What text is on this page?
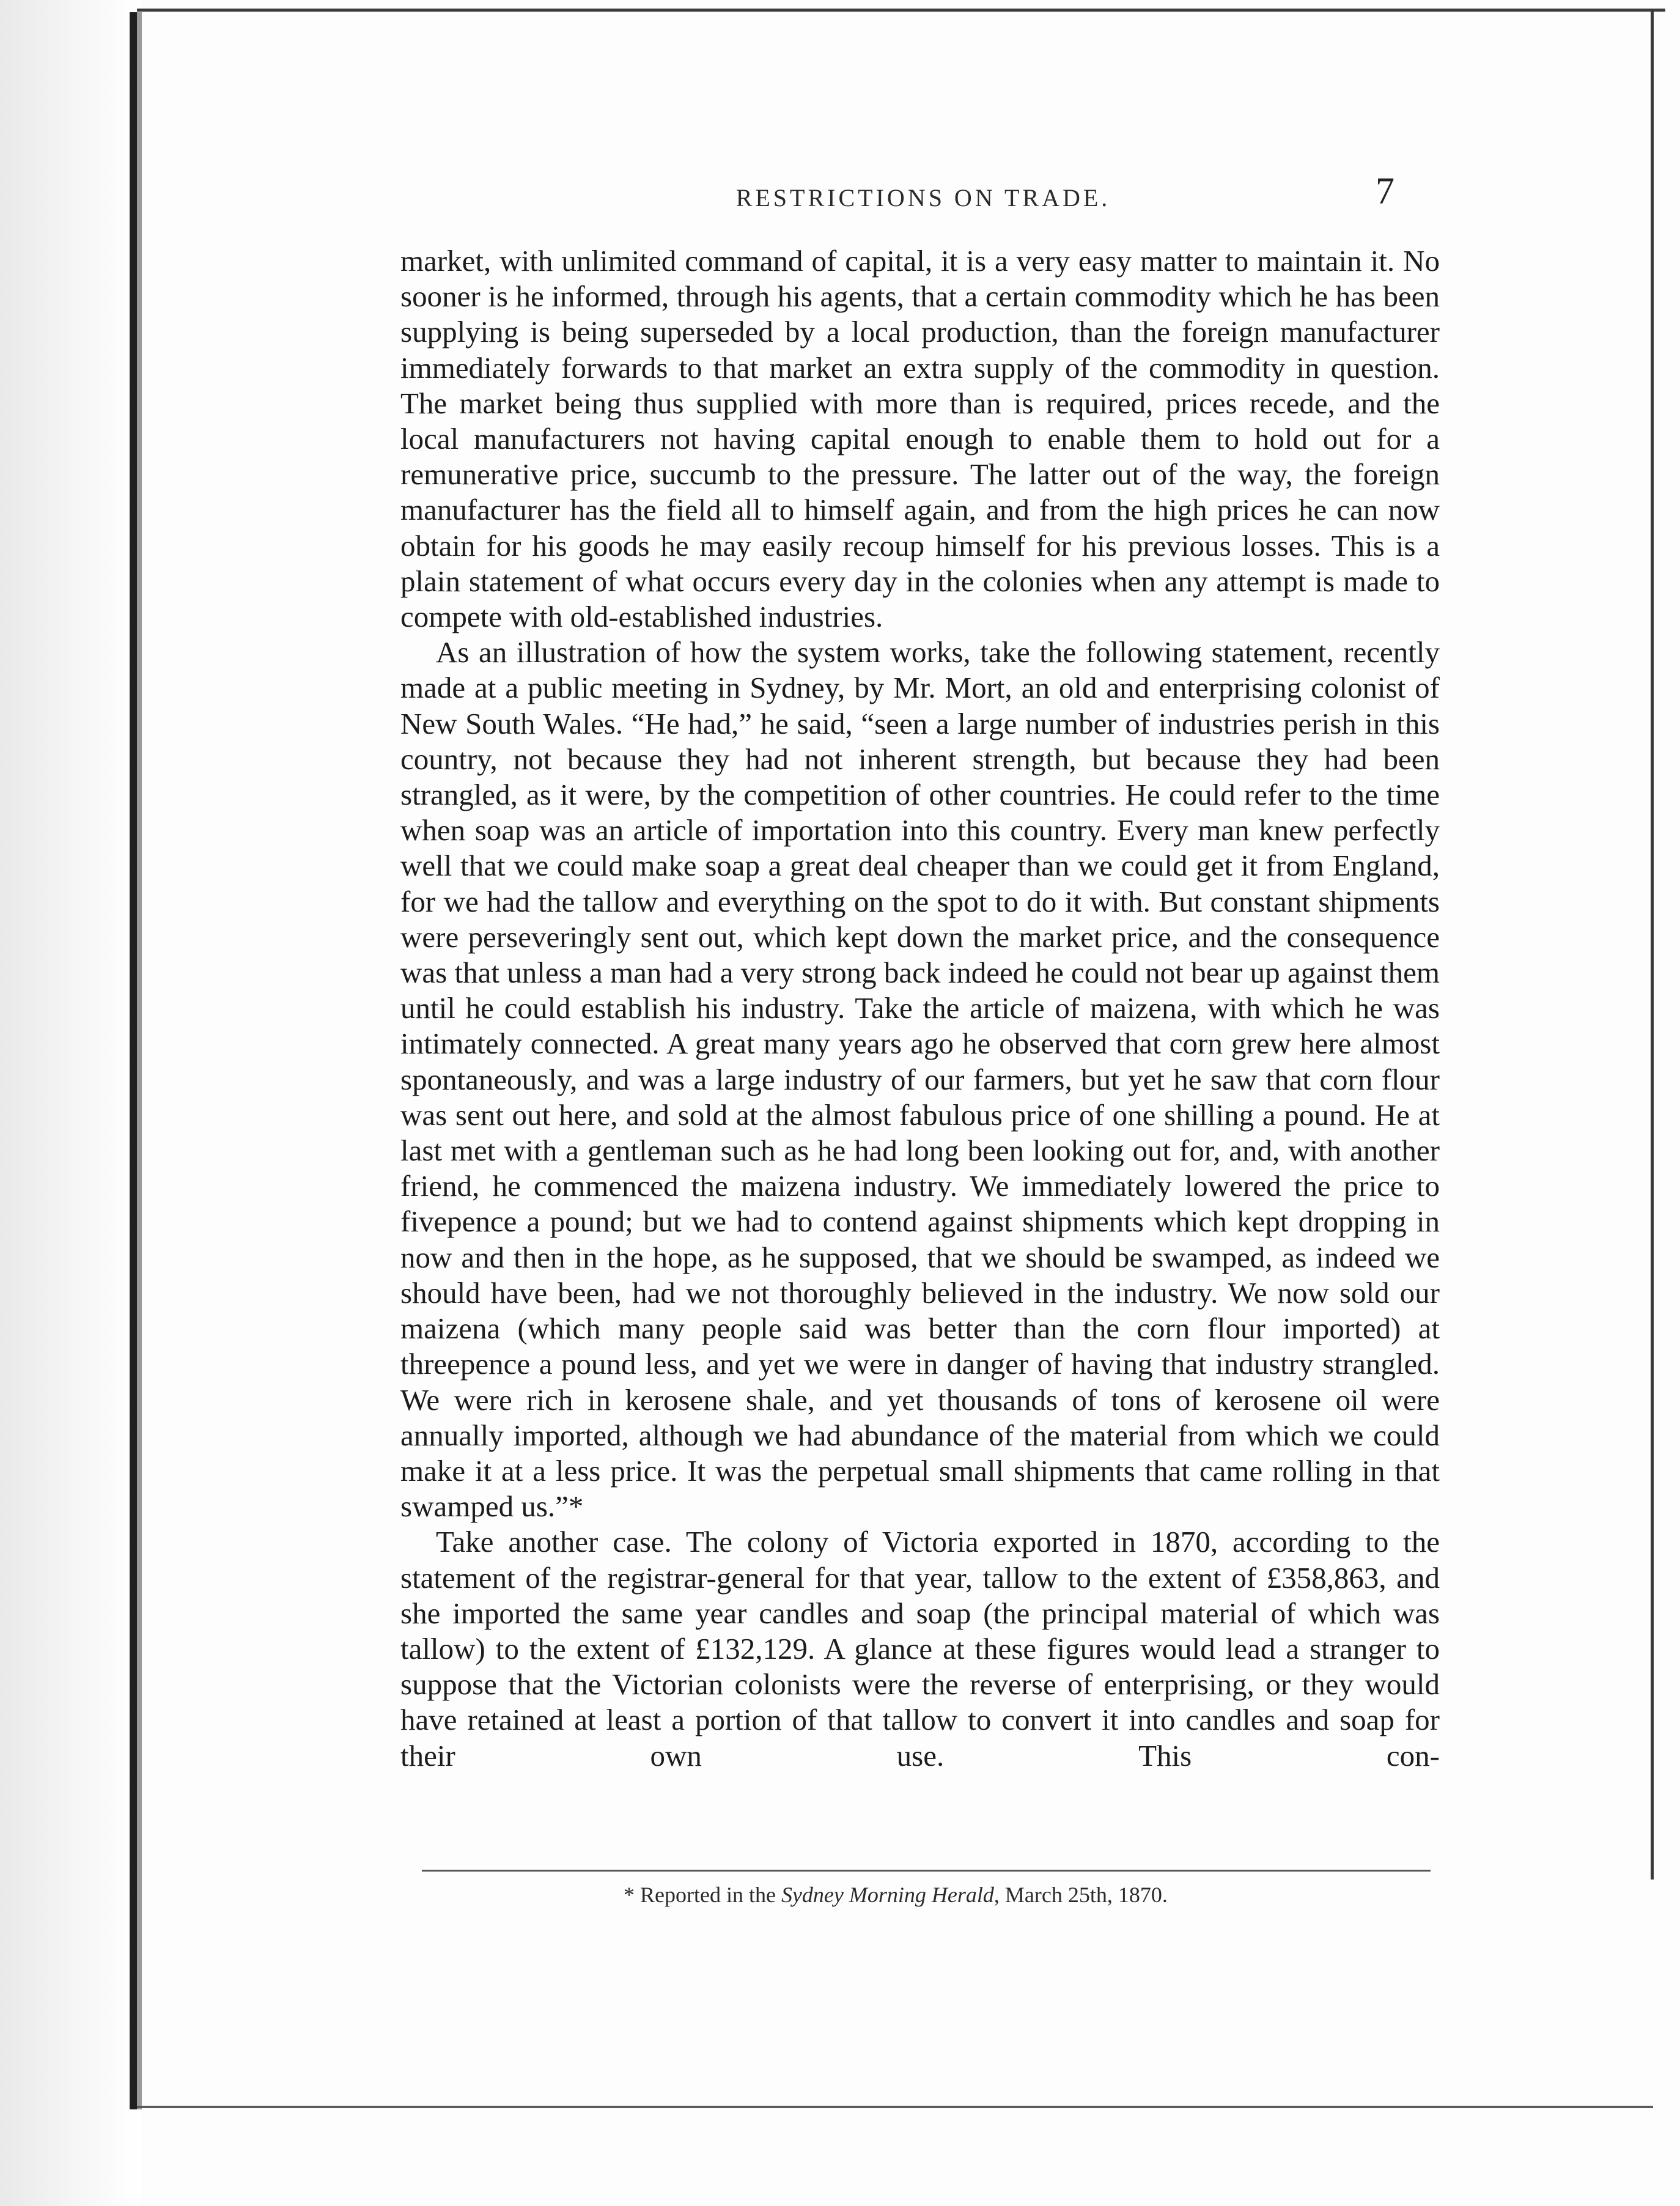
RESTRICTIONS ON TRADE.	7

market, with unlimited command of capital, it is a very easy matter to maintain it. No sooner is he informed, through his agents, that a certain commodity which he has been supplying is being superseded by a local production, than the foreign manufacturer immediately forwards to that market an extra supply of the commodity in question. The market being thus supplied with more than is required, prices recede, and the local manufacturers not having capital enough to enable them to hold out for a remunerative price, succumb to the pressure. The latter out of the way, the foreign manufacturer has the field all to himself again, and from the high prices he can now obtain for his goods he may easily recoup himself for his previous losses. This is a plain statement of what occurs every day in the colonies when any attempt is made to compete with old-established industries.

As an illustration of how the system works, take the following statement, recently made at a public meeting in Sydney, by Mr. Mort, an old and enterprising colonist of New South Wales. “He had,” he said, “seen a large number of industries perish in this country, not because they had not inherent strength, but because they had been strangled, as it were, by the competition of other countries. He could refer to the time when soap was an article of importation into this country. Every man knew perfectly well that we could make soap a great deal cheaper than we could get it from England, for we had the tallow and everything on the spot to do it with. But constant shipments were perseveringly sent out, which kept down the market price, and the consequence was that unless a man had a very strong back indeed he could not bear up against them until he could establish his industry. Take the article of maizena, with which he was intimately connected. A great many years ago he observed that corn grew here almost spontaneously, and was a large industry of our farmers, but yet he saw that corn flour was sent out here, and sold at the almost fabulous price of one shilling a pound. He at last met with a gentleman such as he had long been looking out for, and, with another friend, he commenced the maizena industry. We immediately lowered the price to fivepence a pound; but we had to contend against shipments which kept dropping in now and then in the hope, as he supposed, that we should be swamped, as indeed we should have been, had we not thoroughly believed in the industry. We now sold our maizena (which many people said was better than the corn flour imported) at threepence a pound less, and yet we were in danger of having that industry strangled. We were rich in kerosene shale, and yet thousands of tons of kerosene oil were annually imported, although we had abundance of the material from which we could make it at a less price. It was the perpetual small shipments that came rolling in that swamped us.”*

Take another case. The colony of Victoria exported in 1870, according to the statement of the registrar-general for that year, tallow to the extent of £358,863, and she imported the same year candles and soap (the principal material of which was tallow) to the extent of £132,129. A glance at these figures would lead a stranger to suppose that the Victorian colonists were the reverse of enterprising, or they would have retained at least a portion of that tallow to convert it into candles and soap for their own use. This con-

* Reported in the Sydney Morning Herald, March 25th, 1870.
